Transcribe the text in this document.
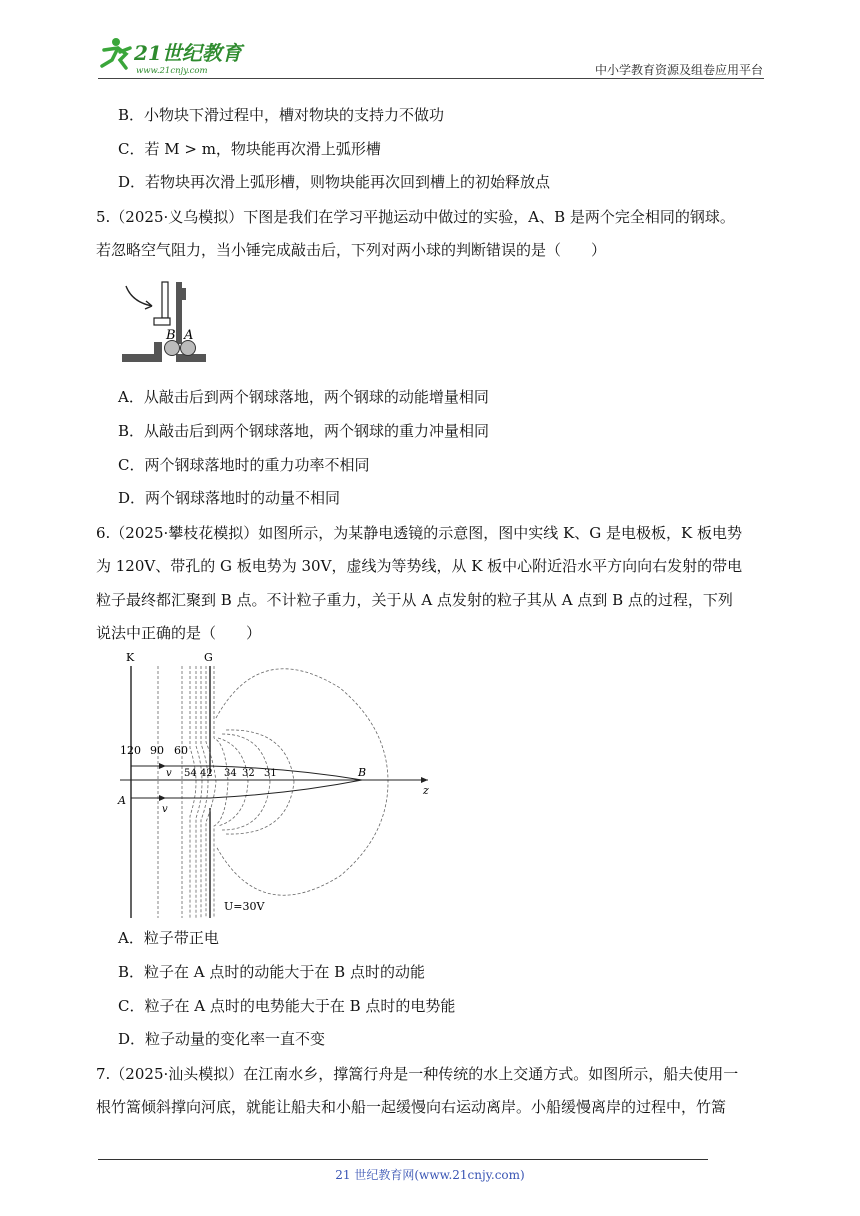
21世纪教育
www.21cnjy.com	中小学教育资源及组卷应用平台
B．小物块下滑过程中，槽对物块的支持力不做功
C．若 M > m，物块能再次滑上弧形槽
D．若物块再次滑上弧形槽，则物块能再次回到槽上的初始释放点
5.（2025·义乌模拟）下图是我们在学习平抛运动中做过的实验，A、B 是两个完全相同的钢球。
若忽略空气阻力，当小锤完成敲击后，下列对两小球的判断错误的是（　　）
B A
A．从敲击后到两个钢球落地，两个钢球的动能增量相同
B．从敲击后到两个钢球落地，两个钢球的重力冲量相同
C．两个钢球落地时的重力功率不相同
D．两个钢球落地时的动量不相同
6.（2025·攀枝花模拟）如图所示，为某静电透镜的示意图，图中实线 K、G 是电极板，K 板电势
为 120V、带孔的 G 板电势为 30V，虚线为等势线，从 K 板中心附近沿水平方向向右发射的带电
粒子最终都汇聚到 B 点。不计粒子重力，关于从 A 点发射的粒子其从 A 点到 B 点的过程，下列
说法中正确的是（　　）
K	G
z
120 90 60
v
v
54 42 34 32 31	B
A
U=30V
A．粒子带正电
B．粒子在 A 点时的动能大于在 B 点时的动能
C．粒子在 A 点时的电势能大于在 B 点时的电势能
D．粒子动量的变化率一直不变
7.（2025·汕头模拟）在江南水乡，撑篙行舟是一种传统的水上交通方式。如图所示，船夫使用一
根竹篙倾斜撑向河底，就能让船夫和小船一起缓慢向右运动离岸。小船缓慢离岸的过程中，竹篙
21 世纪教育网(www.21cnjy.com)
